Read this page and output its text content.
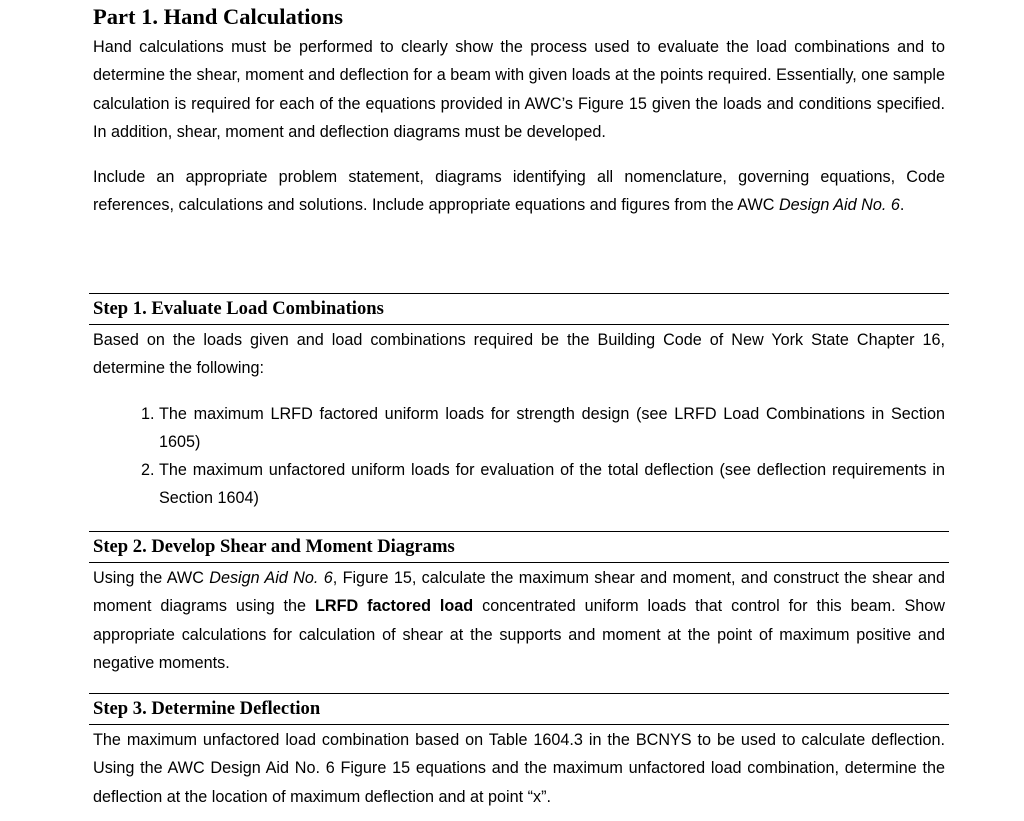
Part 1. Hand Calculations

Hand calculations must be performed to clearly show the process used to evaluate the load combinations and to determine the shear, moment and deflection for a beam with given loads at the points required. Essentially, one sample calculation is required for each of the equations provided in AWC’s Figure 15 given the loads and conditions specified. In addition, shear, moment and deflection diagrams must be developed.

Include an appropriate problem statement, diagrams identifying all nomenclature, governing equations, Code references, calculations and solutions. Include appropriate equations and figures from the AWC Design Aid No. 6.

Step 1. Evaluate Load Combinations

Based on the loads given and load combinations required be the Building Code of New York State Chapter 16, determine the following:

1. The maximum LRFD factored uniform loads for strength design (see LRFD Load Combinations in Section 1605)
2. The maximum unfactored uniform loads for evaluation of the total deflection (see deflection requirements in Section 1604)
Step 2. Develop Shear and Moment Diagrams

Using the AWC Design Aid No. 6, Figure 15, calculate the maximum shear and moment, and construct the shear and moment diagrams using the LRFD factored load concentrated uniform loads that control for this beam. Show appropriate calculations for calculation of shear at the supports and moment at the point of maximum positive and negative moments.

Step 3. Determine Deflection

The maximum unfactored load combination based on Table 1604.3 in the BCNYS to be used to calculate deflection. Using the AWC Design Aid No. 6 Figure 15 equations and the maximum unfactored load combination, determine the deflection at the location of maximum deflection and at point “x”.
